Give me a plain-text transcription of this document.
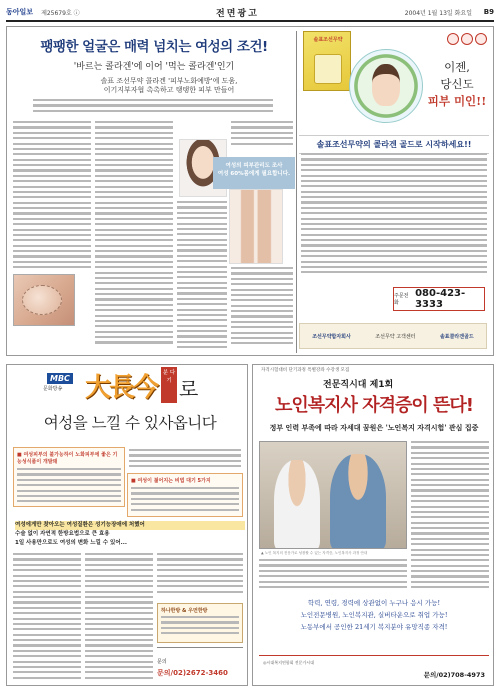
동아일보 제25679호 ⓘ	전면광고	2004년 1월 13일 화요일 B9
팽팽한 얼굴은 매력 넘치는 여성의 조건!
'바르는 콜라겐'에 이어 '먹는 콜라겐'인기
솔표 조선무약 콜라겐 '피부노화예방'에 도움,
이기지부자협 촉촉하고 탱탱한 피부 만들어
여성의 피부관리도 조사
여성 60%몸에게 필요합니다.
솔표조선무약
이젠,
당신도
피부 미인!!
솔표조선무약의 콜라겐 골드로 시작하세요!!
주문전화
080-423-3333
조선무약합자회사	조선무약 고객센터	솔표콜라겐골드
MBC
문화방송 大長今	분 다 기 로
여성을 느낄 수 있사옵니다
■ 여성피부의 불가능하이 노화피부에 좋은 기능성식품이 개발돼
■ 여성이 젊어지는 비법 대기 5가지
여성에게만 찾아오는 여성질환은 성기능장애에 처했어
수술 없이 자연적 한방요법으로 큰 효용
1일 사용만으로도 여성의 변화 느낄 수 있어...
하나한방 & 우먼한방
문의
문의/02)2672-3460
자격시험대비 단기과정 특별강좌 수강생 모집
전문직시대 제1회
노인복지사 자격증이 뜬다!
정부 인력 부족에 따라 자세대 꿈원은 '노인복지 자격시험' 관심 집중
▲ 노인 복지의 전문가로 성장할 수 있는 자격증, 노인복지사 과정 안내
학력, 연령, 경력에 상관없이 누구나 응시 가능!
노인전문병원, 노인복지관, 실버타운으로 취업 가능!
노동부에서 공인한 21세기 복지분야 유망직종 자격!
◎시대복지연합회 전문가시대
문의/02)708-4973
